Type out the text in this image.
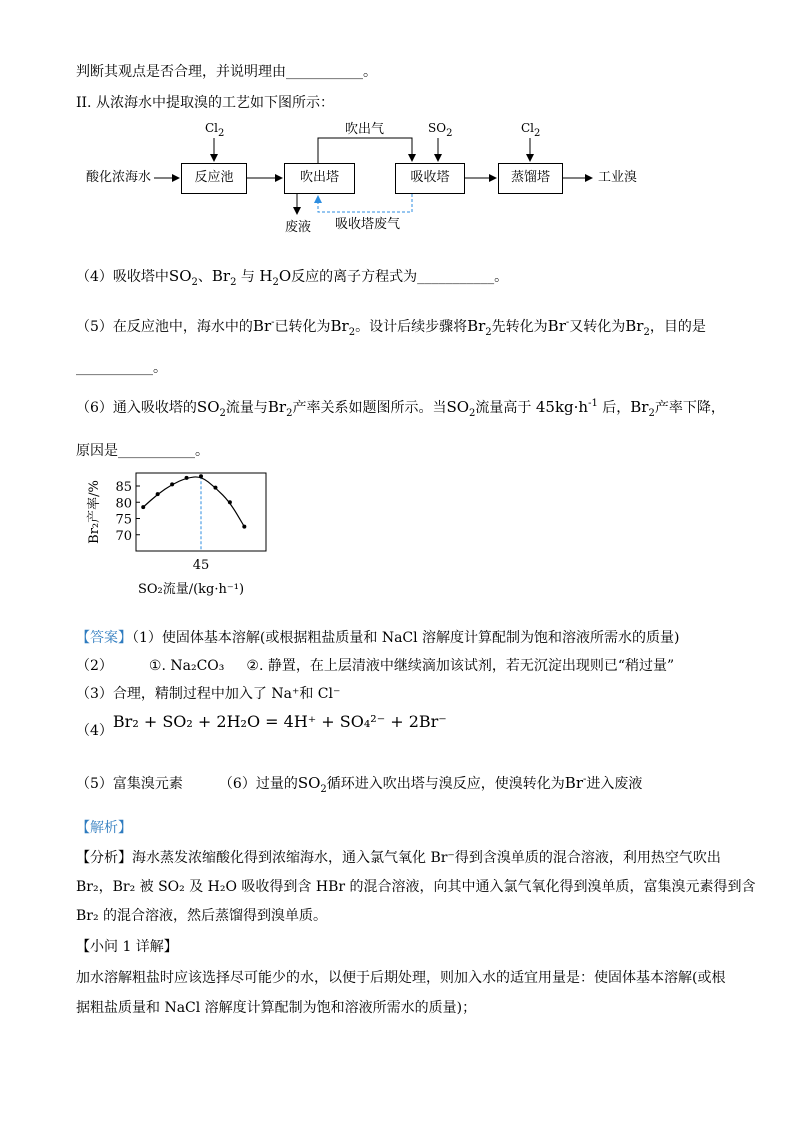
判断其观点是否合理，并说明理由___________。
II. 从浓海水中提取溴的工艺如下图所示：
$Cl_2$	$SO_2$	$Cl_2$
吹出气
酸化浓海水	反应池	吹出塔	吸收塔	蒸馏塔	工业溴
废液 吸收塔废气
（4）吸收塔中$SO_2$、$Br_2$ 与 $H_2O$反应的离子方程式为___________。
（5）在反应池中，海水中的Br-已转化为$Br_2$。设计后续步骤将$Br_2$先转化为Br-又转化为$Br_2$，目的是
___________。
（6）通入吸收塔的$SO_2$流量与$Br_2$产率关系如题图所示。当$SO_2$流量高于 $45kg\cdot h^{-1}$ 后，$Br_2$产率下降，
原因是___________。
70
75
80
85
45
SO₂流量/(kg·h⁻¹)
Br₂产率/%
【答案】（1）使固体基本溶解(或根据粗盐质量和 NaCl 溶解度计算配制为饱和溶液所需水的质量)
（2）	①. Na₂CO₃ ②. 静置，在上层清液中继续滴加该试剂，若无沉淀出现则已“稍过量”
（3）合理，精制过程中加入了 Na⁺和 Cl⁻
（4）Br₂ + SO₂ + 2H₂O = 4H⁺ + SO₄²⁻ + 2Br⁻
（5）富集溴元素	（6）过量的$SO_2$循环进入吹出塔与溴反应，使溴转化为Br-进入废液
【解析】
【分析】海水蒸发浓缩酸化得到浓缩海水，通入氯气氧化 Br⁻得到含溴单质的混合溶液，利用热空气吹出
Br₂，Br₂ 被 SO₂ 及 H₂O 吸收得到含 HBr 的混合溶液，向其中通入氯气氧化得到溴单质，富集溴元素得到含
Br₂ 的混合溶液，然后蒸馏得到溴单质。
【小问 1 详解】
加水溶解粗盐时应该选择尽可能少的水，以便于后期处理，则加入水的适宜用量是：使固体基本溶解(或根
据粗盐质量和 NaCl 溶解度计算配制为饱和溶液所需水的质量)；
